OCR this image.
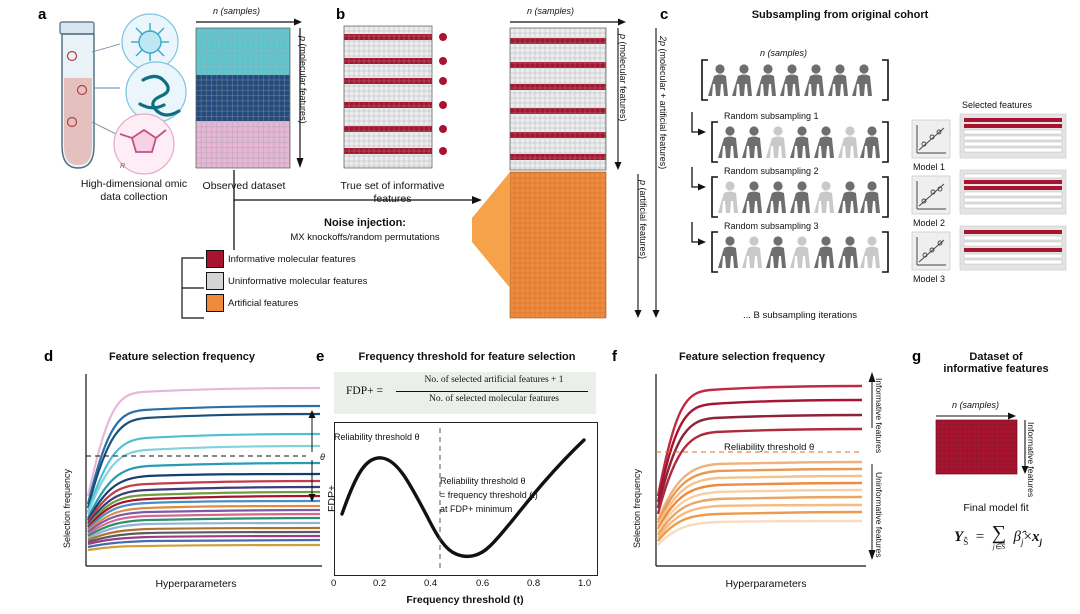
a
R
High-dimensional omic
data collection
n (samples)
p (molecular features)
Observed dataset
b
True set of informative
features
n (samples)
p (molecular features)	2p (molecular + artificial features)
p (artificial features)
Noise injection:
MX knockoffs/random permutations
Informative molecular features
Uninformative molecular features
Artificial features
c	Subsampling from original cohort
n (samples)
Random subsampling 1
Random subsampling 2
Random subsampling 3
... B subsampling iterations
Model 1
Model 2
Model 3
Selected features
d	Feature selection frequency
θ
Selection frequency
Hyperparameters
e	Frequency threshold for feature selection
FDP+ =
No. of selected artificial features + 1
No. of selected molecular features
Reliability threshold θ
Reliability threshold θ
= frequency threshold (t)
at FDP+ minimum
FDP+
0	0.2	0.4	0.6	0.8	1.0
Frequency threshold (t)
f	Feature selection frequency
Selection frequency
Hyperparameters
Reliability threshold θ	Informative features
Uninformative features
g	Dataset of
informative features
n (samples)
Informative features
Final model fit
$Y_Ŝ$  = ∑
j∈Ŝ
$\betâ_j\times x_j$
